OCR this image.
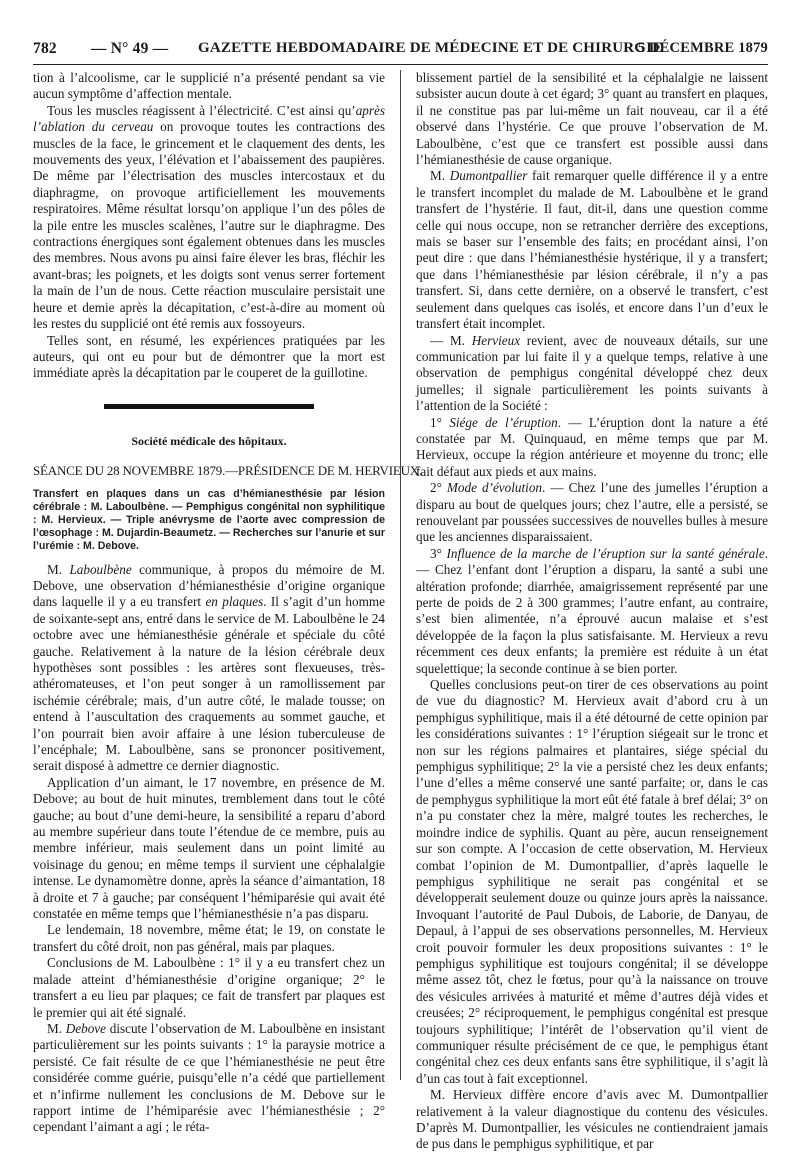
782 — N° 49 — GAZETTE HEBDOMADAIRE DE MÉDECINE ET DE CHIRURGIE
5 DÉCEMBRE 1879

tion à l’alcoolisme, car le supplicié n’a présenté pendant sa vie aucun symptôme d’affection mentale.

Tous les muscles réagissent à l’électricité. C’est ainsi qu’après l’ablation du cerveau on provoque toutes les contractions des muscles de la face, le grincement et le claquement des dents, les mouvements des yeux, l’élévation et l’abaissement des paupières. De même par l’électrisation des muscles intercostaux et du diaphragme, on provoque artificiellement les mouvements respiratoires. Même résultat lorsqu’on applique l’un des pôles de la pile entre les muscles scalènes, l’autre sur le diaphragme. Des contractions énergiques sont également obtenues dans les muscles des membres. Nous avons pu ainsi faire élever les bras, fléchir les avant-bras; les poignets, et les doigts sont venus serrer fortement la main de l’un de nous. Cette réaction musculaire persistait une heure et demie après la décapitation, c’est-à-dire au moment où les restes du supplicié ont été remis aux fossoyeurs.

Telles sont, en résumé, les expériences pratiquées par les auteurs, qui ont eu pour but de démontrer que la mort est immédiate après la décapitation par le couperet de la guillotine.

Société médicale des hôpitaux.

SÉANCE DU 28 NOVEMBRE 1879.—PRÉSIDENCE DE M. HERVIEUX.

Transfert en plaques dans un cas d’hémianesthésie par lésion cérébrale : M. Laboulbène. — Pemphigus congénital non syphilitique : M. Hervieux. — Triple anévrysme de l’aorte avec compression de l’œsophage : M. Dujardin-Beaumetz. — Recherches sur l’anurie et sur l’urémie : M. Debove.

M. Laboulbène communique, à propos du mémoire de M. Debove, une observation d’hémianesthésie d’origine organique dans laquelle il y a eu transfert en plaques. Il s’agit d’un homme de soixante-sept ans, entré dans le service de M. Laboulbène le 24 octobre avec une hémianesthésie générale et spéciale du côté gauche. Relativement à la nature de la lésion cérébrale deux hypothèses sont possibles : les artères sont flexueuses, très-athéromateuses, et l’on peut songer à un ramollissement par ischémie cérébrale; mais, d’un autre côté, le malade tousse; on entend à l’auscultation des craquements au sommet gauche, et l’on pourrait bien avoir affaire à une lésion tuberculeuse de l’encéphale; M. Laboulbène, sans se prononcer positivement, serait disposé à admettre ce dernier diagnostic.

Application d’un aimant, le 17 novembre, en présence de M. Debove; au bout de huit minutes, tremblement dans tout le côté gauche; au bout d’une demi-heure, la sensibilité a reparu d’abord au membre supérieur dans toute l’étendue de ce membre, puis au membre inférieur, mais seulement dans un point limité au voisinage du genou; en même temps il survient une céphalalgie intense. Le dynamomètre donne, après la séance d’aimantation, 18 à droite et 7 à gauche; par conséquent l’hémiparésie qui avait été constatée en même temps que l’hémianesthésie n’a pas disparu.

Le lendemain, 18 novembre, même état; le 19, on constate le transfert du côté droit, non pas général, mais par plaques.

Conclusions de M. Laboulbène : 1° il y a eu transfert chez un malade atteint d’hémianesthésie d’origine organique; 2° le transfert a eu lieu par plaques; ce fait de transfert par plaques est le premier qui ait été signalé.

M. Debove discute l’observation de M. Laboulbène en insistant particulièrement sur les points suivants : 1° la paraysie motrice a persisté. Ce fait résulte de ce que l’hémianesthésie ne peut être considérée comme guérie, puisqu’elle n’a cédé que partiellement et n’infirme nullement les conclusions de M. Debove sur le rapport intime de l’hémiparésie avec l’hémianesthésie ; 2° cependant l’aimant a agi ; le réta-

blissement partiel de la sensibilité et la céphalalgie ne laissent subsister aucun doute à cet égard; 3° quant au transfert en plaques, il ne constitue pas par lui-même un fait nouveau, car il a été observé dans l’hystérie. Ce que prouve l’observation de M. Laboulbène, c’est que ce transfert est possible aussi dans l’hémianesthésie de cause organique.

M. Dumontpallier fait remarquer quelle différence il y a entre le transfert incomplet du malade de M. Laboulbène et le grand transfert de l’hystérie. Il faut, dit-il, dans une question comme celle qui nous occupe, non se retrancher derrière des exceptions, mais se baser sur l’ensemble des faits; en procédant ainsi, l’on peut dire : que dans l’hémianesthésie hystérique, il y a transfert; que dans l’hémianesthésie par lésion cérébrale, il n’y a pas transfert. Si, dans cette dernière, on a observé le transfert, c’est seulement dans quelques cas isolés, et encore dans l’un d’eux le transfert était incomplet.

— M. Hervieux revient, avec de nouveaux détails, sur une communication par lui faite il y a quelque temps, relative à une observation de pemphigus congénital développé chez deux jumelles; il signale particulièrement les points suivants à l’attention de la Société :

1° Siége de l’éruption. — L’éruption dont la nature a été constatée par M. Quinquaud, en même temps que par M. Hervieux, occupe la région antérieure et moyenne du tronc; elle fait défaut aux pieds et aux mains.

2° Mode d’évolution. — Chez l’une des jumelles l’éruption a disparu au bout de quelques jours; chez l’autre, elle a persisté, se renouvelant par poussées successives de nouvelles bulles à mesure que les anciennes disparaissaient.

3° Influence de la marche de l’éruption sur la santé générale. — Chez l’enfant dont l’éruption a disparu, la santé a subi une altération profonde; diarrhée, amaigrissement représenté par une perte de poids de 2 à 300 grammes; l’autre enfant, au contraire, s’est bien alimentée, n’a éprouvé aucun malaise et s’est développée de la façon la plus satisfaisante. M. Hervieux a revu récemment ces deux enfants; la première est réduite à un état squelettique; la seconde continue à se bien porter.

Quelles conclusions peut-on tirer de ces observations au point de vue du diagnostic? M. Hervieux avait d’abord cru à un pemphigus syphilitique, mais il a été détourné de cette opinion par les considérations suivantes : 1° l’éruption siégeait sur le tronc et non sur les régions palmaires et plantaires, siége spécial du pemphigus syphilitique; 2° la vie a persisté chez les deux enfants; l’une d’elles a même conservé une santé parfaite; or, dans le cas de pemphygus syphilitique la mort eût été fatale à bref délai; 3° on n’a pu constater chez la mère, malgré toutes les recherches, le moindre indice de syphilis. Quant au père, aucun renseignement sur son compte. A l’occasion de cette observation, M. Hervieux combat l’opinion de M. Dumontpallier, d’après laquelle le pemphigus syphilitique ne serait pas congénital et se développerait seulement douze ou quinze jours après la naissance. Invoquant l’autorité de Paul Dubois, de Laborie, de Danyau, de Depaul, à l’appui de ses observations personnelles, M. Hervieux croit pouvoir formuler les deux propositions suivantes : 1° le pemphigus syphilitique est toujours congénital; il se développe même assez tôt, chez le fœtus, pour qu’à la naissance on trouve des vésicules arrivées à maturité et même d’autres déjà vides et creusées; 2° réciproquement, le pemphigus congénital est presque toujours syphilitique; l’intérêt de l’observation qu’il vient de communiquer résulte précisément de ce que, le pemphigus étant congénital chez ces deux enfants sans être syphilitique, il s’agit là d’un cas tout à fait exceptionnel.

M. Hervieux diffère encore d’avis avec M. Dumontpallier relativement à la valeur diagnostique du contenu des vésicules. D’après M. Dumontpallier, les vésicules ne contiendraient jamais de pus dans le pemphigus syphilitique, et par
